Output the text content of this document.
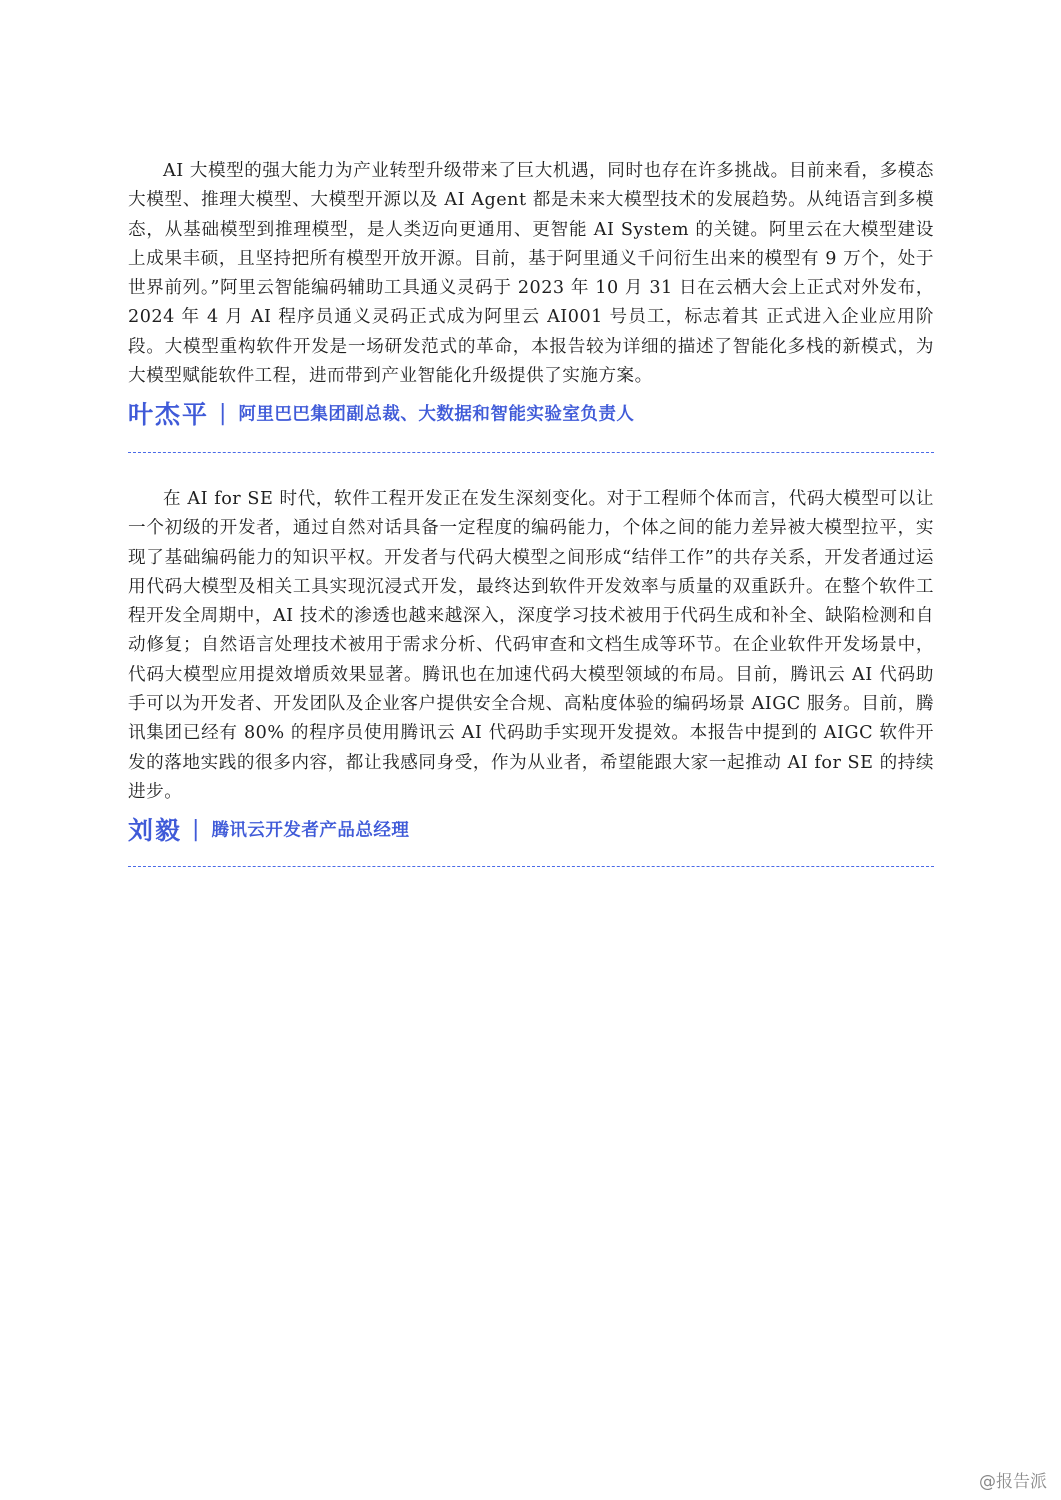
AI 大模型的强大能力为产业转型升级带来了巨大机遇，同时也存在许多挑战。目前来看，多模态大模型、推理大模型、大模型开源以及 AI Agent 都是未来大模型技术的发展趋势。从纯语言到多模态，从基础模型到推理模型，是人类迈向更通用、更智能 AI System 的关键。阿里云在大模型建设上成果丰硕，且坚持把所有模型开放开源。目前，基于阿里通义千问衍生出来的模型有 9 万个，处于世界前列。”阿里云智能编码辅助工具通义灵码于 2023 年 10 月 31 日在云栖大会上正式对外发布，2024 年 4 月 AI 程序员通义灵码正式成为阿里云 AI001 号员工，标志着其 正式进入企业应用阶段。大模型重构软件开发是一场研发范式的革命，本报告较为详细的描述了智能化多栈的新模式，为大模型赋能软件工程，进而带到产业智能化升级提供了实施方案。

叶杰平 | 阿里巴巴集团副总裁、大数据和智能实验室负责人

在 AI for SE 时代，软件工程开发正在发生深刻变化。对于工程师个体而言，代码大模型可以让一个初级的开发者，通过自然对话具备一定程度的编码能力，个体之间的能力差异被大模型拉平，实现了基础编码能力的知识平权。开发者与代码大模型之间形成“结伴工作”的共存关系，开发者通过运用代码大模型及相关工具实现沉浸式开发，最终达到软件开发效率与质量的双重跃升。在整个软件工程开发全周期中，AI 技术的渗透也越来越深入，深度学习技术被用于代码生成和补全、缺陷检测和自动修复；自然语言处理技术被用于需求分析、代码审查和文档生成等环节。在企业软件开发场景中，代码大模型应用提效增质效果显著。腾讯也在加速代码大模型领域的布局。目前，腾讯云 AI 代码助手可以为开发者、开发团队及企业客户提供安全合规、高粘度体验的编码场景 AIGC 服务。目前，腾讯集团已经有 80% 的程序员使用腾讯云 AI 代码助手实现开发提效。本报告中提到的 AIGC 软件开发的落地实践的很多内容，都让我感同身受，作为从业者，希望能跟大家一起推动 AI for SE 的持续进步。

刘毅 | 腾讯云开发者产品总经理
@报告派
